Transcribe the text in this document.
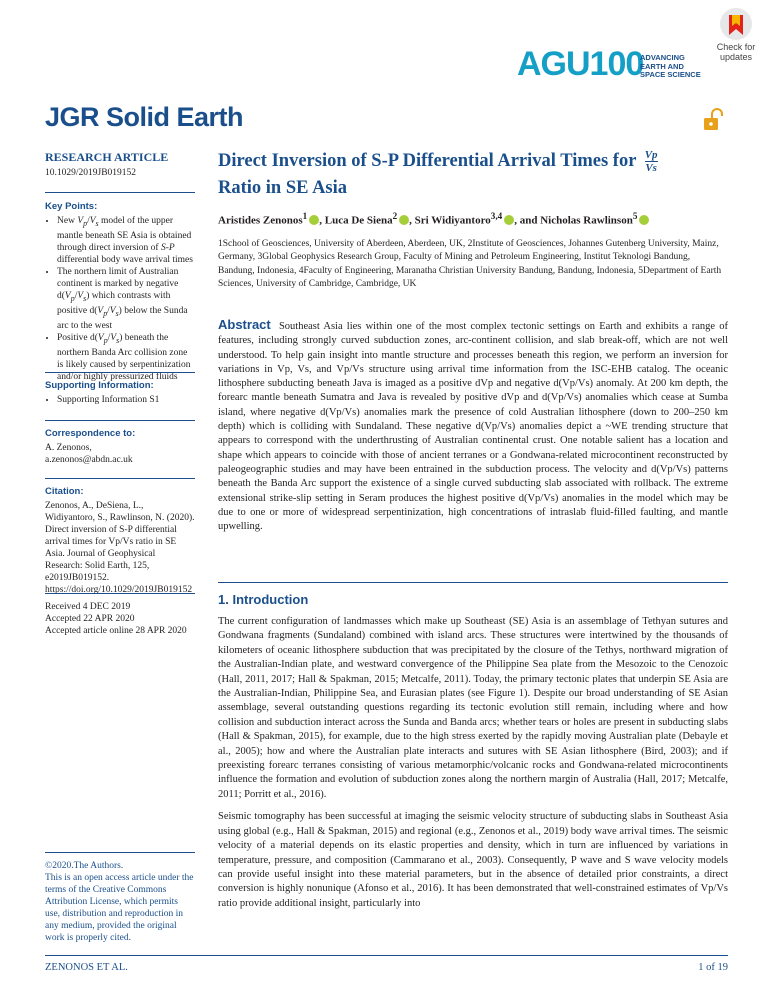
Check for updates
AGU100
ADVANCING
EARTH AND
SPACE SCIENCE
JGR Solid Earth
RESEARCH ARTICLE
10.1029/2019JB019152
Key Points:
• New $V_p/V_s$ model of the upper mantle beneath SE Asia is obtained through direct inversion of S-P differential body wave arrival times
• The northern limit of Australian continent is marked by negative $d(V_p/V_s)$ which contrasts with positive $d(V_p/V_s)$ below the Sunda arc to the west
• Positive $d(V_p/V_s)$ beneath the northern Banda Arc collision zone is likely caused by serpentinization and/or highly pressurized fluids
Supporting Information:
• Supporting Information S1
Correspondence to:
A. Zenonos,
a.zenonos@abdn.ac.uk
Citation:
Zenonos, A., DeSiena, L., Widiyantoro, S., Rawlinson, N. (2020). Direct inversion of S-P differential arrival times for Vp/Vs ratio in SE Asia. Journal of Geophysical Research: Solid Earth, 125, e2019JB019152. https://doi.org/10.1029/2019JB019152
Received 4 DEC 2019
Accepted 22 APR 2020
Accepted article online 28 APR 2020
©2020.The Authors.
This is an open access article under the terms of the Creative Commons Attribution License, which permits use, distribution and reproduction in any medium, provided the original work is properly cited.
Direct Inversion of S-P Differential Arrival Times for $\frac{Vp}{Vs}$
Ratio in SE Asia
Aristides Zenonos$^1$ , Luca De Siena$^2$ , Sri Widiyantoro$^{3,4}$ , and Nicholas Rawlinson$^5$
1School of Geosciences, University of Aberdeen, Aberdeen, UK, 2Institute of Geosciences, Johannes Gutenberg University, Mainz, Germany, 3Global Geophysics Research Group, Faculty of Mining and Petroleum Engineering, Institut Teknologi Bandung, Bandung, Indonesia, 4Faculty of Engineering, Maranatha Christian University Bandung, Bandung, Indonesia, 5Department of Earth Sciences, University of Cambridge, Cambridge, UK
Abstract Southeast Asia lies within one of the most complex tectonic settings on Earth and exhibits a range of features, including strongly curved subduction zones, arc-continent collision, and slab break-off, which are not well understood. To help gain insight into mantle structure and processes beneath this region, we perform an inversion for variations in Vp, Vs, and Vp/Vs structure using arrival time information from the ISC-EHB catalog. The oceanic lithosphere subducting beneath Java is imaged as a positive dVp and negative d(Vp/Vs) anomaly. At 200 km depth, the forearc mantle beneath Sumatra and Java is revealed by positive dVp and d(Vp/Vs) anomalies which cease at Sumba island, where negative d(Vp/Vs) anomalies mark the presence of cold Australian lithosphere (down to 200–250 km depth) which is colliding with Sundaland. These negative d(Vp/Vs) anomalies depict a ~WE trending structure that appears to correspond with the underthrusting of Australian continental crust. One notable salient has a location and shape which appears to coincide with those of ancient terranes or a Gondwana-related microcontinent reconstructed by paleogeographic studies and may have been entrained in the subduction process. The velocity and d(Vp/Vs) patterns beneath the Banda Arc support the existence of a single curved subducting slab associated with rollback. The extreme extensional strike-slip setting in Seram produces the highest positive d(Vp/Vs) anomalies in the model which may be due to one or more of widespread serpentinization, high concentrations of intraslab fluid-filled faulting, and mantle upwelling.
1. Introduction

The current configuration of landmasses which make up Southeast (SE) Asia is an assemblage of Tethyan sutures and Gondwana fragments (Sundaland) combined with island arcs. These structures were intertwined by the thousands of kilometers of oceanic lithosphere subduction that was precipitated by the closure of the Tethys, northward migration of the Australian-Indian plate, and westward convergence of the Philippine Sea plate from the Mesozoic to the Cenozoic (Hall, 2011, 2017; Hall & Spakman, 2015; Metcalfe, 2011). Today, the primary tectonic plates that underpin SE Asia are the Australian-Indian, Philippine Sea, and Eurasian plates (see Figure 1). Despite our broad understanding of SE Asian assemblage, several outstanding questions regarding its tectonic evolution still remain, including where and how collision and subduction interact across the Sunda and Banda arcs; whether tears or holes are present in subducting slabs (Hall & Spakman, 2015), for example, due to the high stress exerted by the rapidly moving Australian plate (Debayle et al., 2005); how and where the Australian plate interacts and sutures with SE Asian lithosphere (Bird, 2003); and if preexisting forearc terranes consisting of various metamorphic/volcanic rocks and Gondwana-related microcontinents influence the formation and evolution of subduction zones along the northern margin of Australia (Hall, 2017; Metcalfe, 2011; Porritt et al., 2016).

Seismic tomography has been successful at imaging the seismic velocity structure of subducting slabs in Southeast Asia using global (e.g., Hall & Spakman, 2015) and regional (e.g., Zenonos et al., 2019) body wave arrival times. The seismic velocity of a material depends on its elastic properties and density, which in turn are influenced by variations in temperature, pressure, and composition (Cammarano et al., 2003). Consequently, P wave and S wave velocity models can provide useful insight into these material parameters, but in the absence of detailed prior constraints, a direct conversion is highly nonunique (Afonso et al., 2016). It has been demonstrated that well-constrained estimates of Vp/Vs ratio provide additional insight, particularly into

ZENONOS ET AL.	1 of 19
